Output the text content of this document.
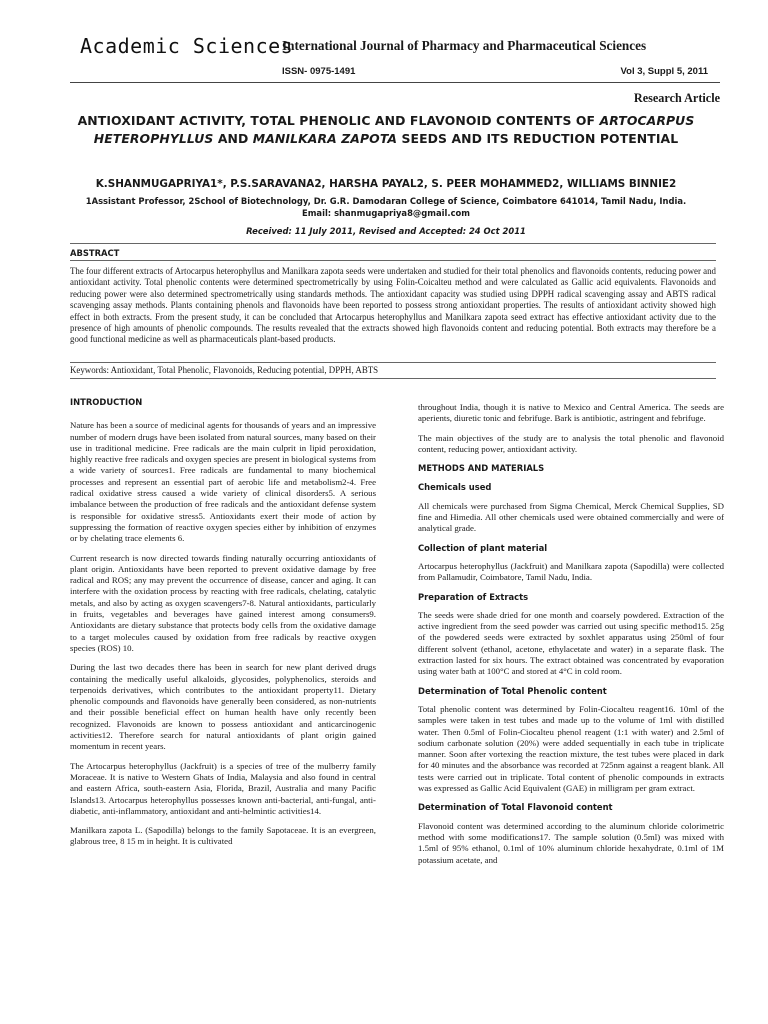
Academic Sciences
International Journal of Pharmacy and Pharmaceutical Sciences
ISSN- 0975-1491	Vol 3, Suppl 5, 2011
Research Article
ANTIOXIDANT ACTIVITY, TOTAL PHENOLIC AND FLAVONOID CONTENTS OF ARTOCARPUS HETEROPHYLLUS AND MANILKARA ZAPOTA SEEDS AND ITS REDUCTION POTENTIAL
K.SHANMUGAPRIYA1*, P.S.SARAVANA2, HARSHA PAYAL2, S. PEER MOHAMMED2, WILLIAMS BINNIE2
1Assistant Professor, 2School of Biotechnology, Dr. G.R. Damodaran College of Science, Coimbatore 641014, Tamil Nadu, India.
Email: shanmugapriya8@gmail.com
Received: 11 July 2011, Revised and Accepted: 24 Oct 2011
ABSTRACT
The four different extracts of Artocarpus heterophyllus and Manilkara zapota seeds were undertaken and studied for their total phenolics and flavonoids contents, reducing power and antioxidant activity. Total phenolic contents were determined spectrometrically by using Folin-Coicalteu method and were calculated as Gallic acid equivalents. Flavonoids and reducing power were also determined spectrometrically using standards methods. The antioxidant capacity was studied using DPPH radical scavenging assay and ABTS radical scavenging assay methods. Plants containing phenols and flavonoids have been reported to possess strong antioxidant properties. The results of antioxidant activity showed high effect in both extracts. From the present study, it can be concluded that Artocarpus heterophyllus and Manilkara zapota seed extract has effective antioxidant activity due to the presence of high amounts of phenolic compounds. The results revealed that the extracts showed high flavonoids content and reducing potential. Both extracts may therefore be a good functional medicine as well as pharmaceuticals plant-based products.
Keywords: Antioxidant, Total Phenolic, Flavonoids, Reducing potential, DPPH, ABTS
INTRODUCTION

Nature has been a source of medicinal agents for thousands of years and an impressive number of modern drugs have been isolated from natural sources, many based on their use in traditional medicine. Free radicals are the main culprit in lipid peroxidation, highly reactive free radicals and oxygen species are present in biological systems from a wide variety of sources1. Free radicals are fundamental to many biochemical processes and represent an essential part of aerobic life and metabolism2-4. Free radical oxidative stress caused a wide variety of clinical disorders5. A serious imbalance between the production of free radicals and the antioxidant defense system is responsible for oxidative stress5. Antioxidants exert their mode of action by suppressing the formation of reactive oxygen species either by inhibition of enzymes or by chelating trace elements 6.

Current research is now directed towards finding naturally occurring antioxidants of plant origin. Antioxidants have been reported to prevent oxidative damage by free radical and ROS; any may prevent the occurrence of disease, cancer and aging. It can interfere with the oxidation process by reacting with free radicals, chelating, catalytic metals, and also by acting as oxygen scavengers7-8. Natural antioxidants, particularly in fruits, vegetables and beverages have gained interest among consumers9. Antioxidants are dietary substance that protects body cells from the oxidative damage to a target molecules caused by oxidation from free radicals by reactive oxygen species (ROS) 10.

During the last two decades there has been in search for new plant derived drugs containing the medically useful alkaloids, glycosides, polyphenolics, steroids and terpenoids derivatives, which contributes to the antioxidant property11. Dietary phenolic compounds and flavonoids have generally been considered, as non-nutrients and their possible beneficial effect on human health have only recently been recognized. Flavonoids are known to possess antioxidant and anticarcinogenic activities12. Therefore search for natural antioxidants of plant origin gained momentum in recent years.

The Artocarpus heterophyllus (Jackfruit) is a species of tree of the mulberry family Moraceae. It is native to Western Ghats of India, Malaysia and also found in central and eastern Africa, south-eastern Asia, Florida, Brazil, Australia and many Pacific Islands13. Artocarpus heterophyllus possesses known anti-bacterial, anti-fungal, anti-diabetic, anti-inflammatory, antioxidant and anti-helmintic activities14.

Manilkara zapota L. (Sapodilla) belongs to the family Sapotaceae. It is an evergreen, glabrous tree, 8 15 m in height. It is cultivated

throughout India, though it is native to Mexico and Central America. The seeds are aperients, diuretic tonic and febrifuge. Bark is antibiotic, astringent and febrifuge.

The main objectives of the study are to analysis the total phenolic and flavonoid content, reducing power, antioxidant activity.

METHODS AND MATERIALS
Chemicals used

All chemicals were purchased from Sigma Chemical, Merck Chemical Supplies, SD fine and Himedia. All other chemicals used were obtained commercially and were of analytical grade.

Collection of plant material

Artocarpus heterophyllus (Jackfruit) and Manilkara zapota (Sapodilla) were collected from Pallamudir, Coimbatore, Tamil Nadu, India.

Preparation of Extracts

The seeds were shade dried for one month and coarsely powdered. Extraction of the active ingredient from the seed powder was carried out using specific method15. 25g of the powdered seeds were extracted by soxhlet apparatus using 250ml of four different solvent (ethanol, acetone, ethylacetate and water) in a separate flask. The extraction lasted for six hours. The extract obtained was concentrated by evaporation using water bath at 100°C and stored at 4°C in cold room.

Determination of Total Phenolic content

Total phenolic content was determined by Folin-Ciocalteu reagent16. 10ml of the samples were taken in test tubes and made up to the volume of 1ml with distilled water. Then 0.5ml of Folin-Ciocalteu phenol reagent (1:1 with water) and 2.5ml of sodium carbonate solution (20%) were added sequentially in each tube in triplicate manner. Soon after vortexing the reaction mixture, the test tubes were placed in dark for 40 minutes and the absorbance was recorded at 725nm against a reagent blank. All tests were carried out in triplicate. Total content of phenolic compounds in extracts was expressed as Gallic Acid Equivalent (GAE) in milligram per gram extract.

Determination of Total Flavonoid content

Flavonoid content was determined according to the aluminum chloride colorimetric method with some modifications17. The sample solution (0.5ml) was mixed with 1.5ml of 95% ethanol, 0.1ml of 10% aluminum chloride hexahydrate, 0.1ml of 1M potassium acetate, and
